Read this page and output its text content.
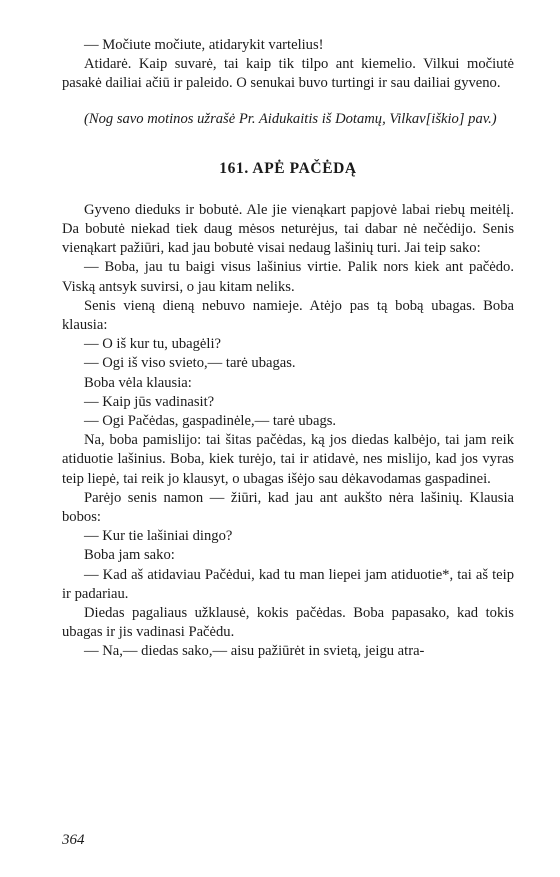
— Močiute močiute, atidarykit vartelius!

Atidarė. Kaip suvarė, tai kaip tik tilpo ant kiemelio. Vilkui močiutė pasakė dailiai ačiū ir paleido. O senukai buvo turtingi ir sau dailiai gyveno.

(Nog savo motinos užrašė Pr. Aidukaitis iš Dotamų, Vilkav[iškio] pav.)

161. APĖ PAČĖDĄ

Gyveno dieduks ir bobutė. Ale jie vienąkart papjovė labai riebų meitėlį. Da bobutė niekad tiek daug mėsos neturėjus, tai dabar nė nečėdijo. Senis vienąkart pažiūri, kad jau bobutė visai nedaug lašinių turi. Jai teip sako:

— Boba, jau tu baigi visus lašinius virtie. Palik nors kiek ant pačėdo. Viską antsyk suvirsi, o jau kitam neliks.

Senis vieną dieną nebuvo namieje. Atėjo pas tą bobą ubagas. Boba klausia:

— O iš kur tu, ubagėli?

— Ogi iš viso svieto,— tarė ubagas.

Boba vėla klausia:

— Kaip jūs vadinasit?

— Ogi Pačėdas, gaspadinėle,— tarė ubags.

Na, boba pamislijo: tai šitas pačėdas, ką jos diedas kalbėjo, tai jam reik atiduotie lašinius. Boba, kiek turėjo, tai ir atidavė, nes mislijo, kad jos vyras teip liepė, tai reik jo klausyt, o ubagas išėjo sau dėkavodamas gaspadinei.

Parėjo senis namon — žiūri, kad jau ant aukšto nėra lašinių. Klausia bobos:

— Kur tie lašiniai dingo?

Boba jam sako:

— Kad aš atidaviau Pačėdui, kad tu man liepei jam atiduotie*, tai aš teip ir padariau.

Diedas pagaliaus užklausė, kokis pačėdas. Boba papasako, kad tokis ubagas ir jis vadinasi Pačėdu.

— Na,— diedas sako,— aisu pažiūrėt in svietą, jeigu atra-

364
